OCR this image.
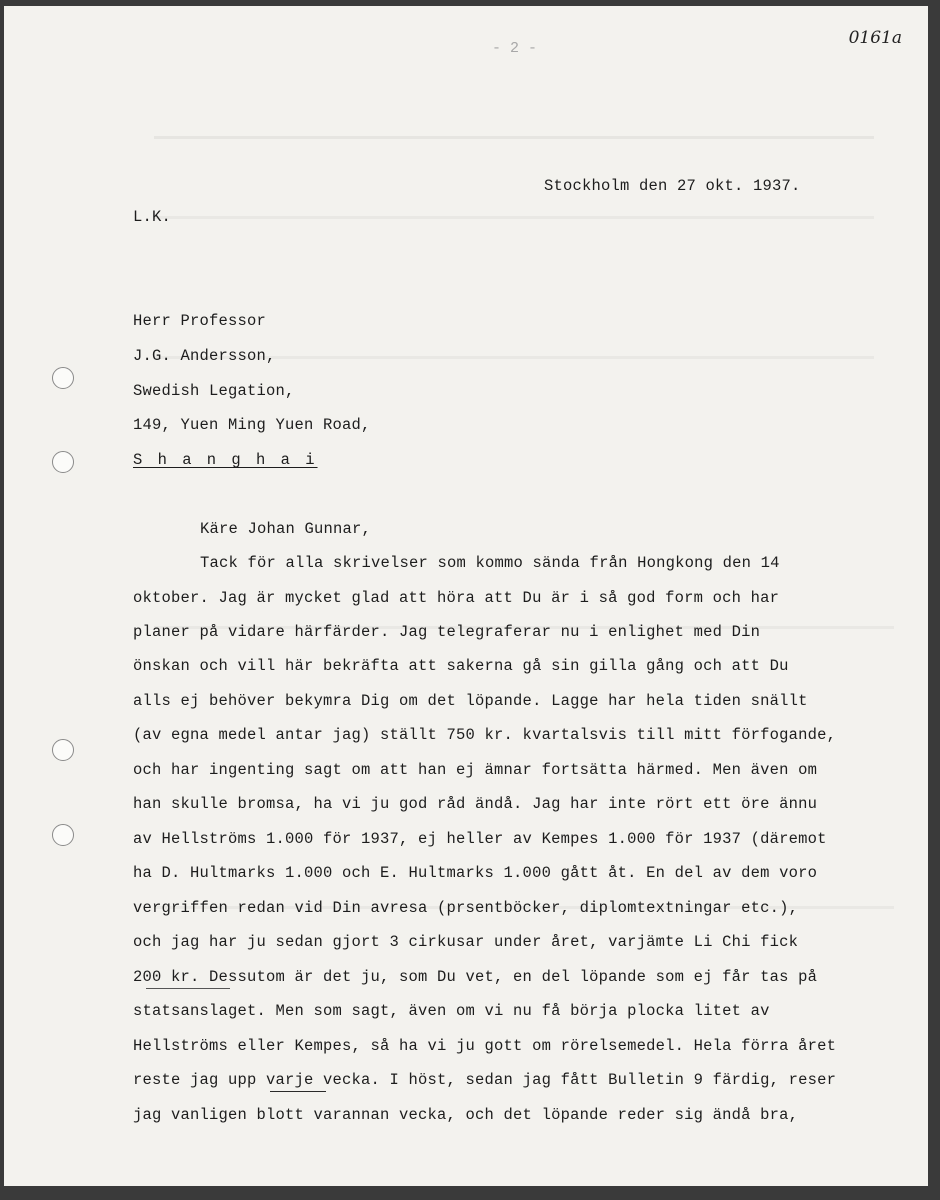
- 2 -
0161a
Stockholm den 27 okt. 1937.
L.K.
Herr Professor
J.G. Andersson,
Swedish Legation,
149, Yuen Ming Yuen Road,
S h a n g h a i
Käre Johan Gunnar,
Tack för alla skrivelser som kommo sända från Hongkong den 14
oktober. Jag är mycket glad att höra att Du är i så god form och har
planer på vidare härfärder. Jag telegraferar nu i enlighet med Din
önskan och vill här bekräfta att sakerna gå sin gilla gång och att Du
alls ej behöver bekymra Dig om det löpande. Lagge har hela tiden snällt
(av egna medel antar jag) ställt 750 kr. kvartalsvis till mitt förfogande,
och har ingenting sagt om att han ej ämnar fortsätta härmed. Men även om
han skulle bromsa, ha vi ju god råd ändå. Jag har inte rört ett öre ännu
av Hellströms 1.000 för 1937, ej heller av Kempes 1.000 för 1937 (däremot
ha D. Hultmarks 1.000 och E. Hultmarks 1.000 gått åt. En del av dem voro
vergriffen redan vid Din avresa (prsentböcker, diplomtextningar etc.),
och jag har ju sedan gjort 3 cirkusar under året, varjämte Li Chi fick
200 kr. Dessutom är det ju, som Du vet, en del löpande som ej får tas på
statsanslaget. Men som sagt, även om vi nu få börja plocka litet av
Hellströms eller Kempes, så ha vi ju gott om rörelsemedel. Hela förra året
reste jag upp varje vecka. I höst, sedan jag fått Bulletin 9 färdig, reser
jag vanligen blott varannan vecka, och det löpande reder sig ändå bra,
